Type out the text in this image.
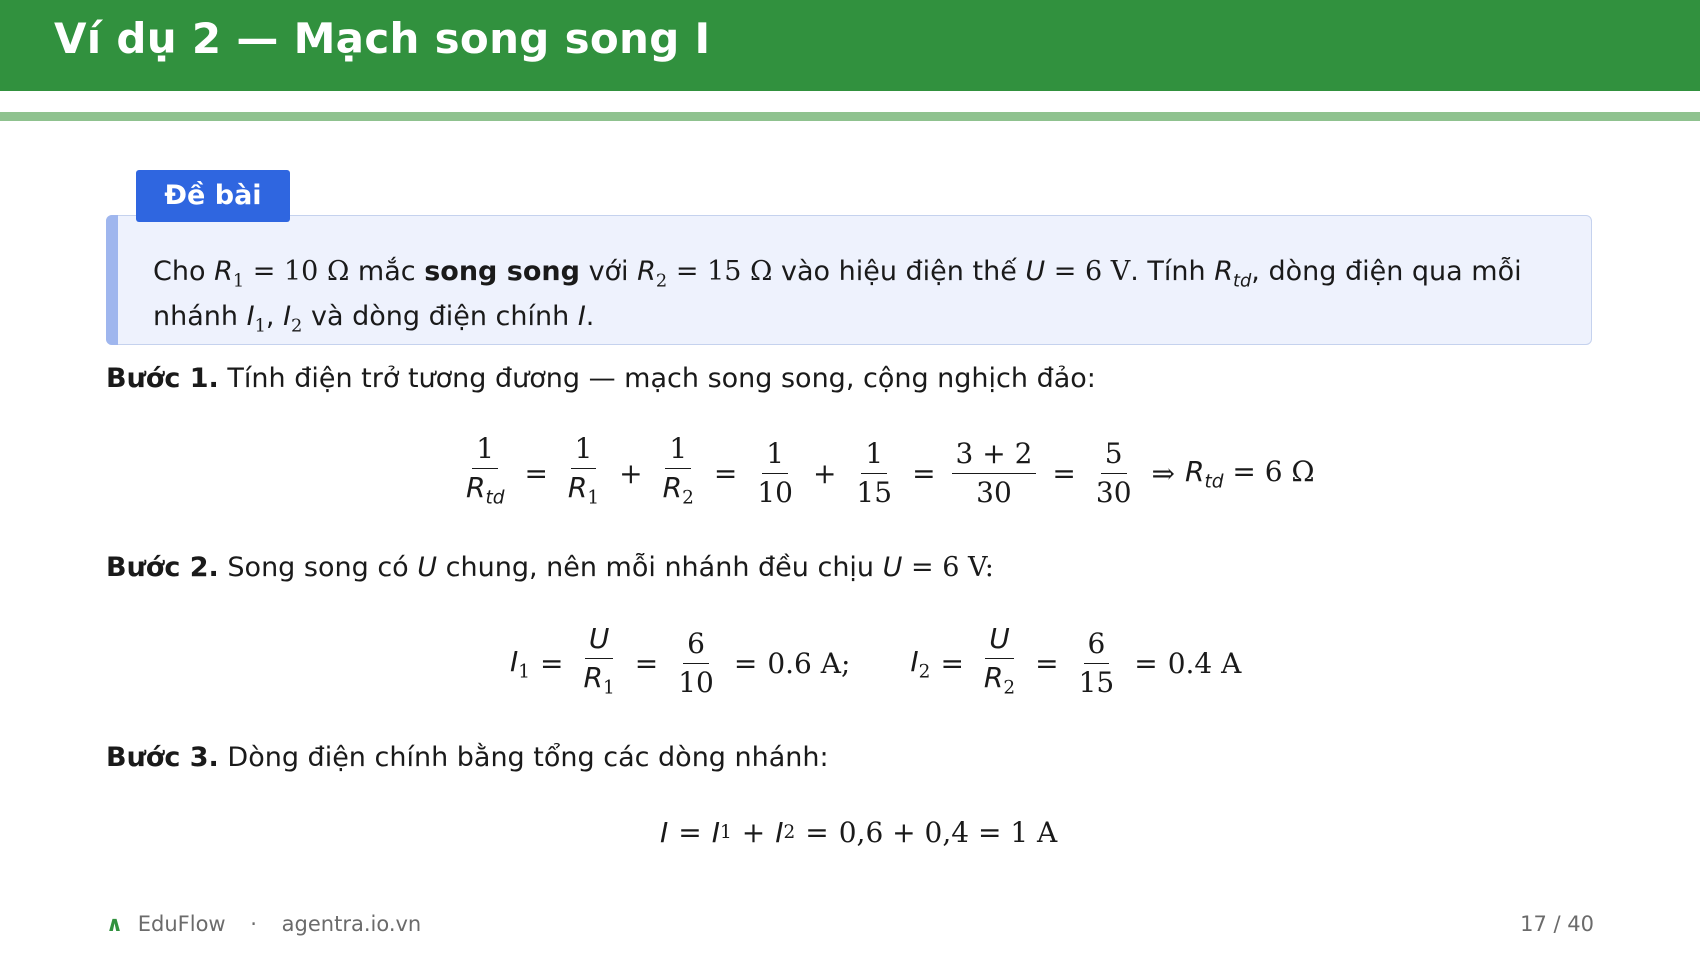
Ví dụ 2 — Mạch song song I

Cho $R_1 = 10$ Ω mắc song song với $R_2 = 15$ Ω vào hiệu điện thế U = 6 V. Tính $R_{td}$, dòng điện qua mỗi nhánh $I_1$, $I_2$ và dòng điện chính I.

Đề bài

Bước 1. Tính điện trở tương đương — mạch song song, cộng nghịch đảo:

$\frac{1}{R_{td}} = \frac{1}{R_1} + \frac{1}{R_2} = \frac{1}{10} + \frac{1}{15} = \frac{3 + 2}{30} = \frac{5}{30}$ ⇒ $R_{td} = 6$ Ω

Bước 2. Song song có U chung, nên mỗi nhánh đều chịu U = 6 V:

$I_1 = \frac{U}{R_1} = \frac{6}{10} = 0.6$ A; $I_2 = \frac{U}{R_2} = \frac{6}{15} = 0.4$ A

Bước 3. Dòng điện chính bằng tổng các dòng nhánh:

I = I 1 + I 2 = 0,6 + 0,4 = 1 A
∧ EduFlow · agentra.io.vn	17 / 40
